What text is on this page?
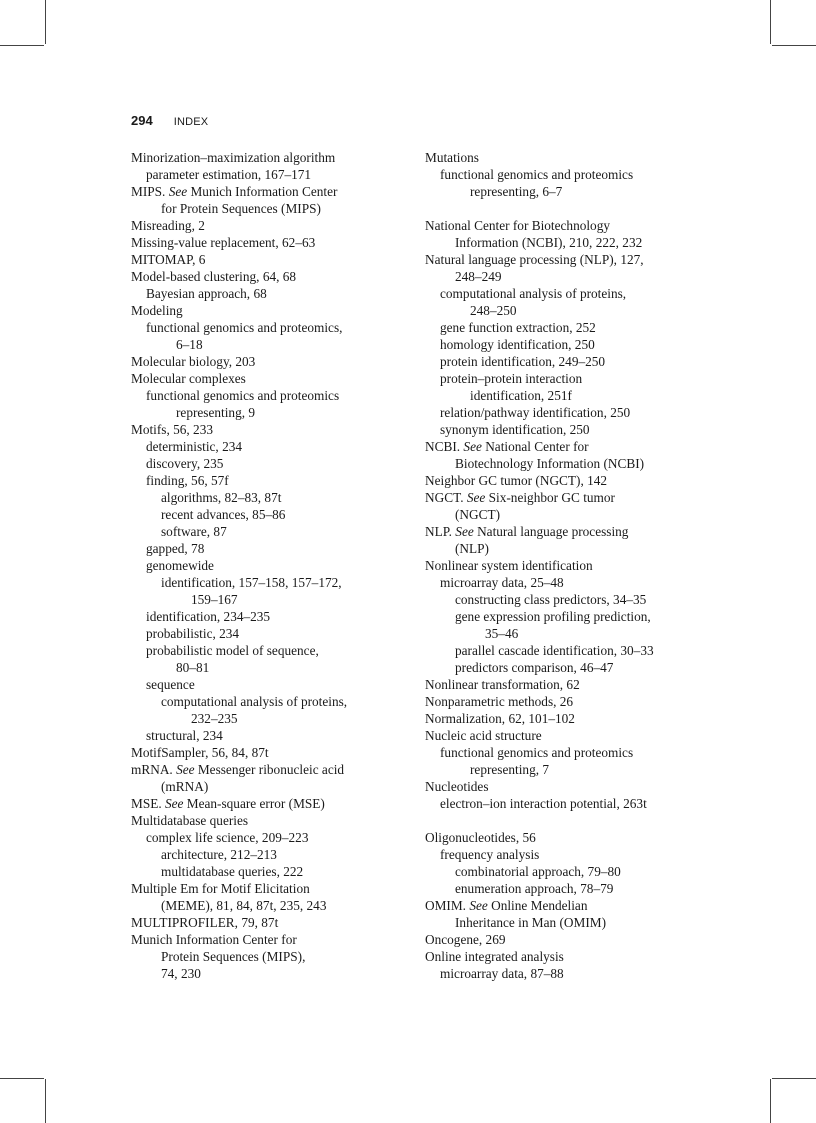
294 INDEX
Minorization–maximization algorithm
parameter estimation, 167–171
MIPS. See Munich Information Center
for Protein Sequences (MIPS)
Misreading, 2
Missing-value replacement, 62–63
MITOMAP, 6
Model-based clustering, 64, 68
Bayesian approach, 68
Modeling
functional genomics and proteomics,
6–18
Molecular biology, 203
Molecular complexes
functional genomics and proteomics
representing, 9
Motifs, 56, 233
deterministic, 234
discovery, 235
finding, 56, 57f
algorithms, 82–83, 87t
recent advances, 85–86
software, 87
gapped, 78
genomewide
identification, 157–158, 157–172,
159–167
identification, 234–235
probabilistic, 234
probabilistic model of sequence,
80–81
sequence
computational analysis of proteins,
232–235
structural, 234
MotifSampler, 56, 84, 87t
mRNA. See Messenger ribonucleic acid
(mRNA)
MSE. See Mean-square error (MSE)
Multidatabase queries
complex life science, 209–223
architecture, 212–213
multidatabase queries, 222
Multiple Em for Motif Elicitation
(MEME), 81, 84, 87t, 235, 243
MULTIPROFILER, 79, 87t
Munich Information Center for
Protein Sequences (MIPS),
74, 230
Mutations
functional genomics and proteomics
representing, 6–7
National Center for Biotechnology
Information (NCBI), 210, 222, 232
Natural language processing (NLP), 127,
248–249
computational analysis of proteins,
248–250
gene function extraction, 252
homology identification, 250
protein identification, 249–250
protein–protein interaction
identification, 251f
relation/pathway identification, 250
synonym identification, 250
NCBI. See National Center for
Biotechnology Information (NCBI)
Neighbor GC tumor (NGCT), 142
NGCT. See Six-neighbor GC tumor
(NGCT)
NLP. See Natural language processing
(NLP)
Nonlinear system identification
microarray data, 25–48
constructing class predictors, 34–35
gene expression profiling prediction,
35–46
parallel cascade identification, 30–33
predictors comparison, 46–47
Nonlinear transformation, 62
Nonparametric methods, 26
Normalization, 62, 101–102
Nucleic acid structure
functional genomics and proteomics
representing, 7
Nucleotides
electron–ion interaction potential, 263t
Oligonucleotides, 56
frequency analysis
combinatorial approach, 79–80
enumeration approach, 78–79
OMIM. See Online Mendelian
Inheritance in Man (OMIM)
Oncogene, 269
Online integrated analysis
microarray data, 87–88
